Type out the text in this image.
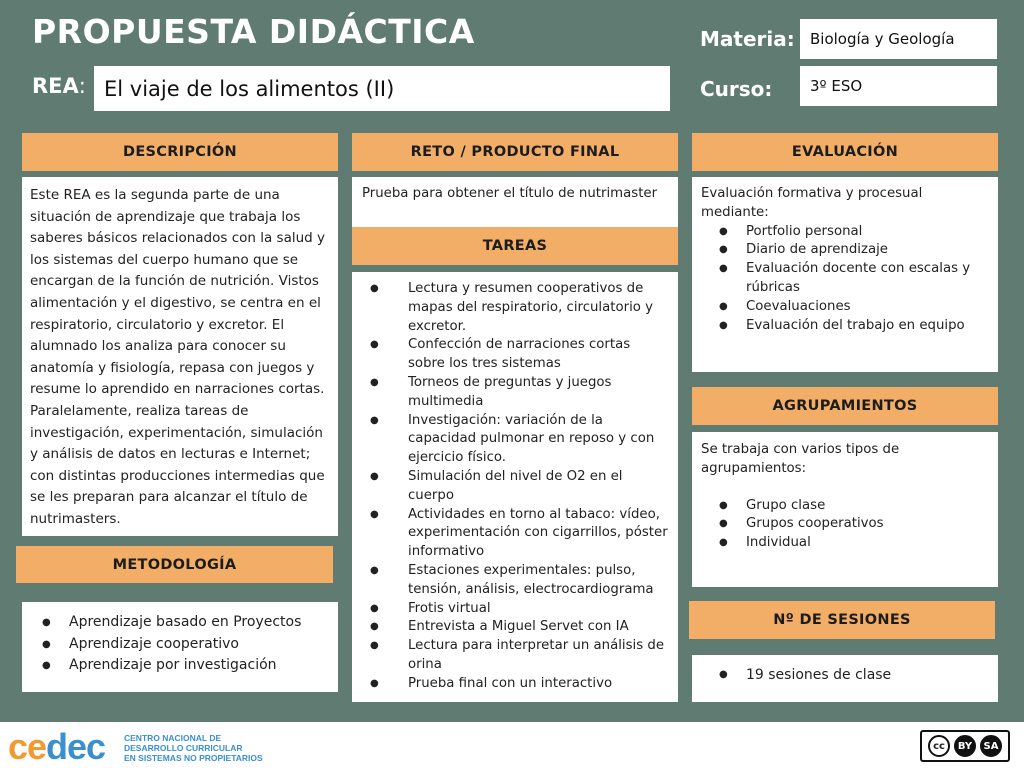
PROPUESTA DIDÁCTICA
REA: El viaje de los alimentos (II)
Materia:	Biología y Geología
Curso:	3º ESO
DESCRIPCIÓN

Este REA es la segunda parte de una situación de aprendizaje que trabaja los saberes básicos relacionados con la salud y los sistemas del cuerpo humano que se encargan de la función de nutrición. Vistos alimentación y el digestivo, se centra en el respiratorio, circulatorio y excretor. El alumnado los analiza para conocer su anatomía y fisiología, repasa con juegos y resume lo aprendido en narraciones cortas. Paralelamente, realiza tareas de investigación, experimentación, simulación y análisis de datos en lecturas e Internet; con distintas producciones intermedias que se les preparan para alcanzar el título de nutrimasters.

METODOLOGÍA
● Aprendizaje basado en Proyectos
● Aprendizaje cooperativo
● Aprendizaje por investigación
RETO / PRODUCTO FINAL

Prueba para obtener el título de nutrimaster

TAREAS
● Lectura y resumen cooperativos de mapas del respiratorio, circulatorio y excretor.
● Confección de narraciones cortas sobre los tres sistemas
● Torneos de preguntas y juegos multimedia
● Investigación: variación de la capacidad pulmonar en reposo y con ejercicio físico.
● Simulación del nivel de O2 en el cuerpo
● Actividades en torno al tabaco: vídeo, experimentación con cigarrillos, póster informativo
● Estaciones experimentales: pulso, tensión, análisis, electrocardiograma
● Frotis virtual
● Entrevista a Miguel Servet con IA
● Lectura para interpretar un análisis de orina
● Prueba final con un interactivo
EVALUACIÓN

Evaluación formativa y procesual mediante:

● Portfolio personal
● Diario de aprendizaje
● Evaluación docente con escalas y rúbricas
● Coevaluaciones
● Evaluación del trabajo en equipo
AGRUPAMIENTOS

Se trabaja con varios tipos de agrupamientos:

● Grupo clase
● Grupos cooperativos
● Individual
Nº DE SESIONES
● 19 sesiones de clase
cedec CENTRO NACIONAL DE
DESARROLLO CURRICULAR
EN SISTEMAS NO PROPIETARIOS
cc	BY	SA
